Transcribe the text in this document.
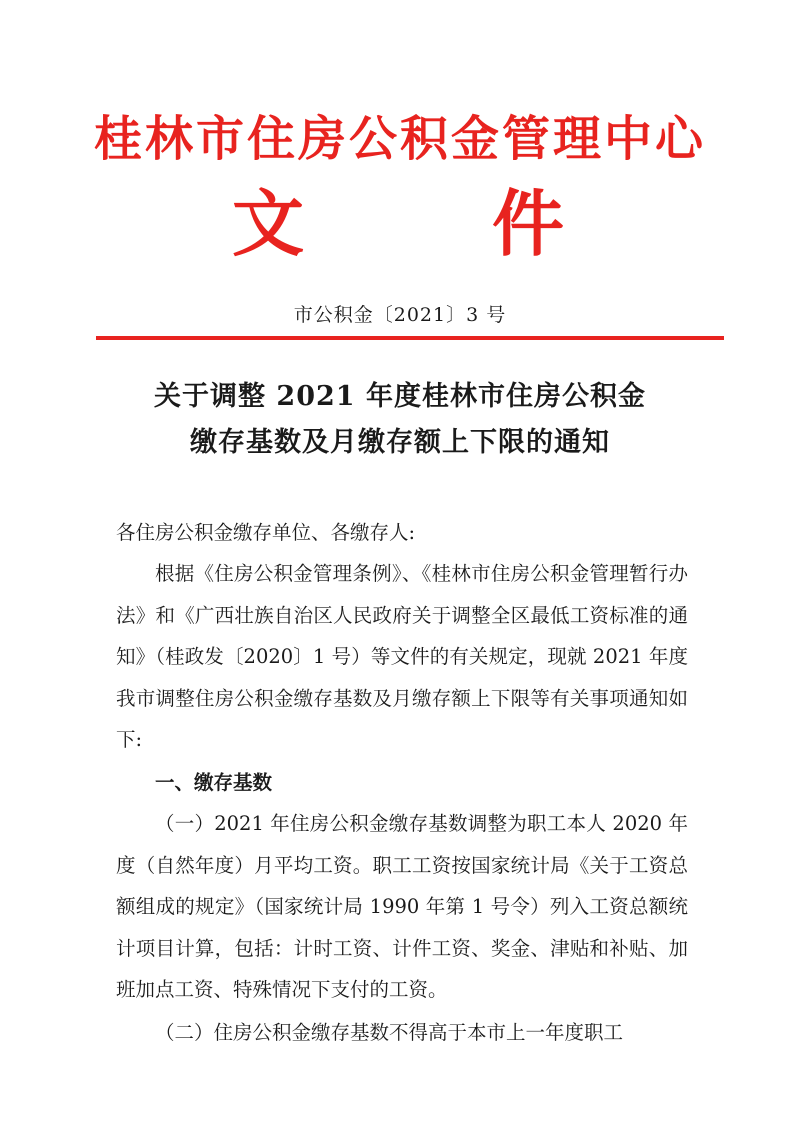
桂林市住房公积金管理中心
文	件
市公积金〔2021〕3 号
关于调整 2021 年度桂林市住房公积金
缴存基数及月缴存额上下限的通知
各住房公积金缴存单位、各缴存人:
根据《住房公积金管理条例》、《桂林市住房公积金管理暂行办法》和《广西壮族自治区人民政府关于调整全区最低工资标准的通知》（桂政发〔2020〕1 号）等文件的有关规定，现就 2021 年度我市调整住房公积金缴存基数及月缴存额上下限等有关事项通知如下:
一、缴存基数
（一）2021 年住房公积金缴存基数调整为职工本人 2020 年度（自然年度）月平均工资。职工工资按国家统计局《关于工资总额组成的规定》（国家统计局 1990 年第 1 号令）列入工资总额统计项目计算，包括：计时工资、计件工资、奖金、津贴和补贴、加班加点工资、特殊情况下支付的工资。
（二）住房公积金缴存基数不得高于本市上一年度职工
